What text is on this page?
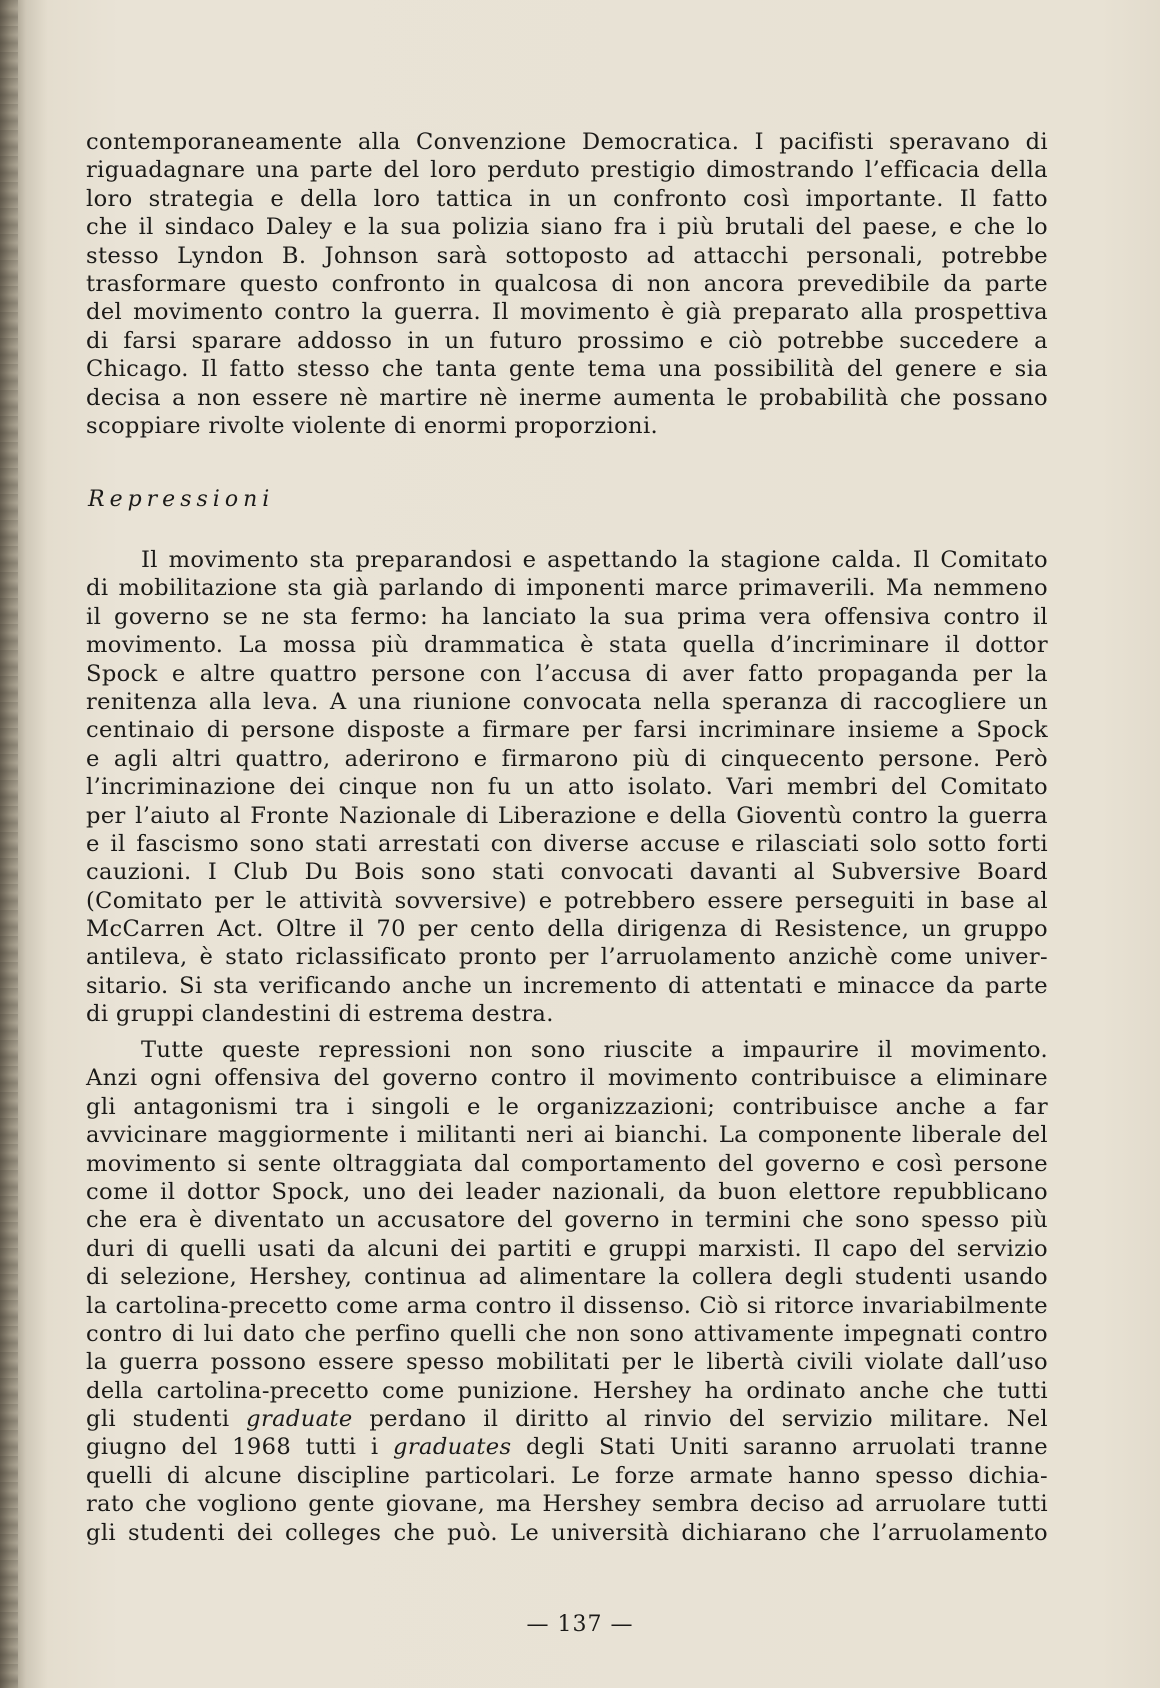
contemporaneamente alla Convenzione Democratica. I pacifisti speravano di
riguadagnare una parte del loro perduto prestigio dimostrando l’efficacia della
loro strategia e della loro tattica in un confronto così importante. Il fatto
che il sindaco Daley e la sua polizia siano fra i più brutali del paese, e che lo
stesso Lyndon B. Johnson sarà sottoposto ad attacchi personali, potrebbe
trasformare questo confronto in qualcosa di non ancora prevedibile da parte
del movimento contro la guerra. Il movimento è già preparato alla prospettiva
di farsi sparare addosso in un futuro prossimo e ciò potrebbe succedere a
Chicago. Il fatto stesso che tanta gente tema una possibilità del genere e sia
decisa a non essere nè martire nè inerme aumenta le probabilità che possano
scoppiare rivolte violente di enormi proporzioni.
Repressioni
Il movimento sta preparandosi e aspettando la stagione calda. Il Comitato
di mobilitazione sta già parlando di imponenti marce primaverili. Ma nemmeno
il governo se ne sta fermo: ha lanciato la sua prima vera offensiva contro il
movimento. La mossa più drammatica è stata quella d’incriminare il dottor
Spock e altre quattro persone con l’accusa di aver fatto propaganda per la
renitenza alla leva. A una riunione convocata nella speranza di raccogliere un
centinaio di persone disposte a firmare per farsi incriminare insieme a Spock
e agli altri quattro, aderirono e firmarono più di cinquecento persone. Però
l’incriminazione dei cinque non fu un atto isolato. Vari membri del Comitato
per l’aiuto al Fronte Nazionale di Liberazione e della Gioventù contro la guerra
e il fascismo sono stati arrestati con diverse accuse e rilasciati solo sotto forti
cauzioni. I Club Du Bois sono stati convocati davanti al Subversive Board
(Comitato per le attività sovversive) e potrebbero essere perseguiti in base al
McCarren Act. Oltre il 70 per cento della dirigenza di Resistence, un gruppo
antileva, è stato riclassificato pronto per l’arruolamento anzichè come univer-
sitario. Si sta verificando anche un incremento di attentati e minacce da parte
di gruppi clandestini di estrema destra.
Tutte queste repressioni non sono riuscite a impaurire il movimento.
Anzi ogni offensiva del governo contro il movimento contribuisce a eliminare
gli antagonismi tra i singoli e le organizzazioni; contribuisce anche a far
avvicinare maggiormente i militanti neri ai bianchi. La componente liberale del
movimento si sente oltraggiata dal comportamento del governo e così persone
come il dottor Spock, uno dei leader nazionali, da buon elettore repubblicano
che era è diventato un accusatore del governo in termini che sono spesso più
duri di quelli usati da alcuni dei partiti e gruppi marxisti. Il capo del servizio
di selezione, Hershey, continua ad alimentare la collera degli studenti usando
la cartolina-precetto come arma contro il dissenso. Ciò si ritorce invariabilmente
contro di lui dato che perfino quelli che non sono attivamente impegnati contro
la guerra possono essere spesso mobilitati per le libertà civili violate dall’uso
della cartolina-precetto come punizione. Hershey ha ordinato anche che tutti
gli studenti graduate perdano il diritto al rinvio del servizio militare. Nel
giugno del 1968 tutti i graduates degli Stati Uniti saranno arruolati tranne
quelli di alcune discipline particolari. Le forze armate hanno spesso dichia-
rato che vogliono gente giovane, ma Hershey sembra deciso ad arruolare tutti
gli studenti dei colleges che può. Le università dichiarano che l’arruolamento
— 137 —
